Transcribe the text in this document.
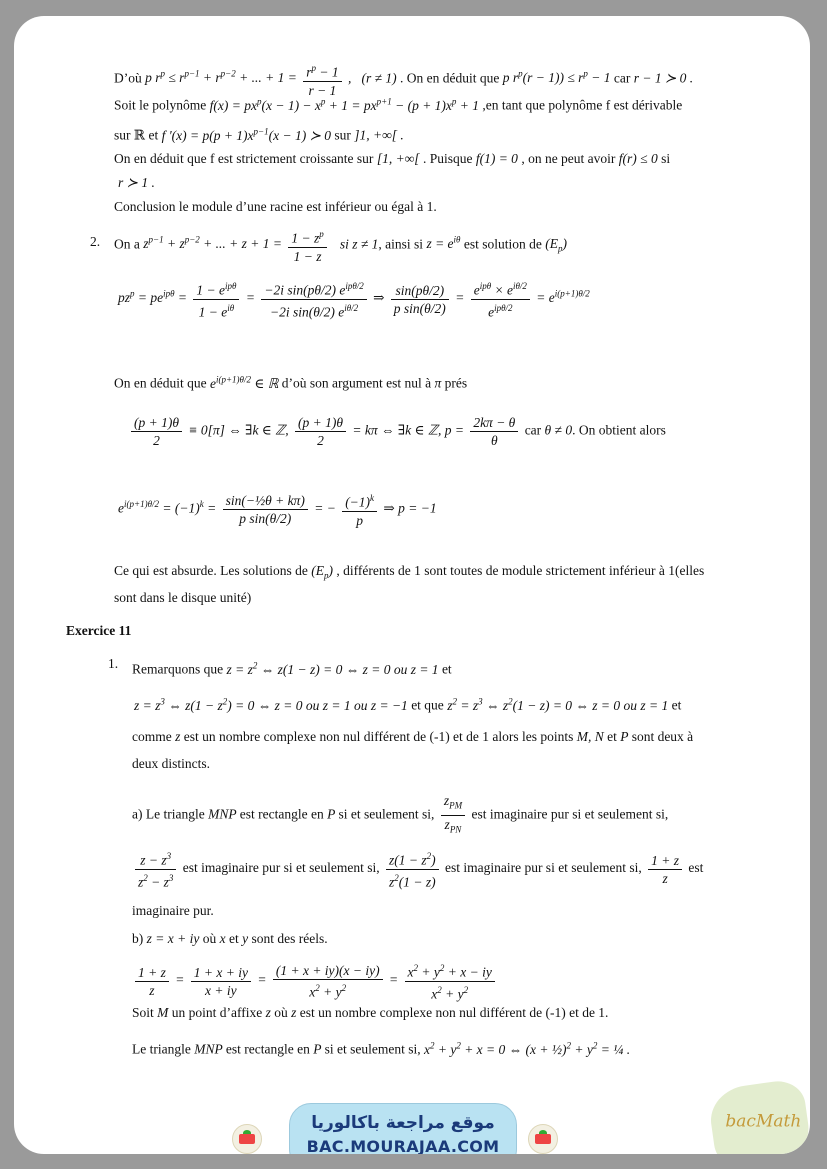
D’où p $r^p \le r^{p-1} + r^{p-2}$ + ... + $1 = \frac{r^p - 1}{r - 1}$ ,   (r ≠ 1) . On en déduit que p $r^p(r - 1)) \le r^p - 1$ car r − 1 ≻ 0 .
Soit le polynôme $f(x) = px^p(x - 1) - x^p + 1 = px^{p+1} - (p + 1)x^p + 1$ ,en tant que polynôme f est dérivable
sur ℝ et f '$(x) = p(p + 1)x^{p-1}(x - 1)$ ≻ 0 sur ]1, +∞[ .
On en déduit que f est strictement croissante sur [1, +∞[ . Puisque f(1) = 0 , on ne peut avoir f(r) ≤ 0 si
r ≻ 1 .
Conclusion le module d’une racine est inférieur ou égal à 1.
2. On a $z^{p-1} + z^{p-2}$ + ... + $z + 1 = \frac{1 - z^p}{1 - z}$ si z ≠ 1, ainsi si $z = e^{i\theta}$ est solution de $(E_p)$
$pz^p = pe^{ip\theta} = \frac{1 - e^{ip\theta}}{1 - e^{i\theta}} = \frac{-2i \sin(p\theta/2) e^{ip\theta/2}}{-2i \sin(\theta/2) e^{i\theta/2}}$ ⇒ $\frac{\sin(p\theta/2)}{\text{p sin(θ/2)}} = \frac{e^{ip\theta} \times e^{i\theta/2}}{e^{ip\theta/2}} = e^{i(p+1)\theta/2}$
On en déduit que $e^{i(p+1)\theta/2}$ ∈ ℝ d’où son argument est nul à π prés
$\frac{(p + 1)\theta}{2} \equiv 0[\pi]$ ⇔ ∃k ∈ ℤ, $\frac{(p + 1)\theta}{2} = k\pi$ ⇔ ∃k ∈ ℤ, $p = \frac{2k\pi - \theta}{\theta}$ car θ ≠ 0. On obtient alors
$e^{i(p+1)\theta/2} = (-1)^k = \frac{\text{sin(−½θ + kπ)}}{\text{p sin(θ/2)}}$ = − $\frac{(-1)^k}{p}$ ⇒ p = −1
Ce qui est absurde. Les solutions de $(E_p)$ , différents de 1 sont toutes de module strictement inférieur à 1(elles
sont dans le disque unité)
Exercice 11
1. Remarquons que $z = z^2$ ⇔ z(1 − z) = 0 ⇔ z = 0 ou z = 1 et
$z = z^3$ ⇔ $z(1 - z^2) = 0$ ⇔ z = 0 ou z = 1 ou z = −1 et que $z^2 = z^3$ ⇔ $z^2(1 - z) = 0$ ⇔ z = 0 ou z = 1 et
comme z est un nombre complexe non nul différent de (-1) et de 1 alors les points M, N et P sont deux à
deux distincts.
a) Le triangle MNP est rectangle en P si et seulement si, $\frac{z_{PM}}{z_{PN}}$ est imaginaire pur si et seulement si,
$\frac{z - z^3}{z^2 - z^3}$ est imaginaire pur si et seulement si, $\frac{z(1 - z^2)}{z^2(1 - z)}$ est imaginaire pur si et seulement si, $\frac{1 + z}{z}$ est
imaginaire pur.
b) z = x + iy où x et y sont des réels.
$\frac{1 + z}{z} = \frac{1 + x + iy}{x + iy} = \frac{(1 + x + iy)(x - iy)}{x^2 + y^2} = \frac{x^2 + y^2 + x - iy}{x^2 + y^2}$
Soit M un point d’affixe z où z est un nombre complexe non nul différent de (-1) et de 1.
Le triangle MNP est rectangle en P si et seulement si, $x^2 + y^2 + x = 0$ ⇔ (x + ½)$^2$ + $y^2$ = ¼ .
موقع مراجعة باكالوريا
BAC.MOURAJAA.COM
bacMath
